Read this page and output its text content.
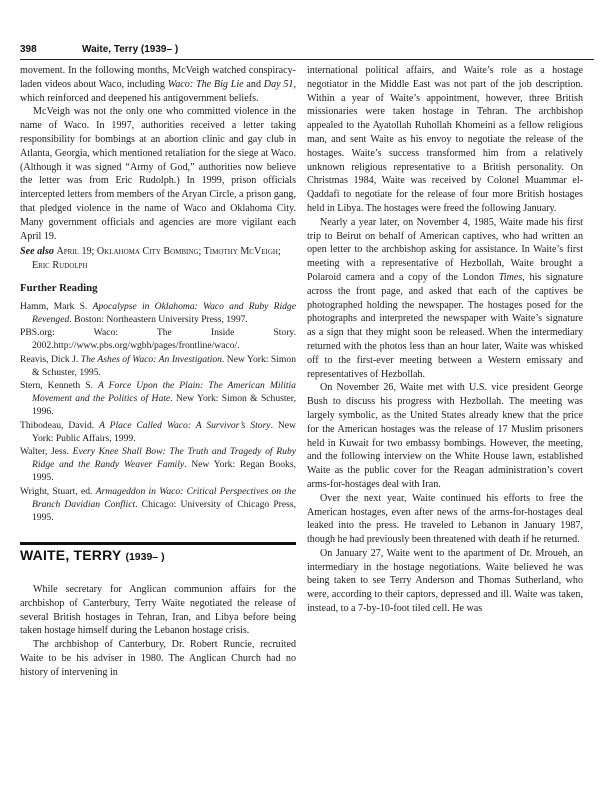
398	Waite, Terry (1939– )

movement. In the following months, McVeigh watched conspiracy-laden videos about Waco, including Waco: The Big Lie and Day 51, which reinforced and deepened his antigovernment beliefs.

McVeigh was not the only one who committed violence in the name of Waco. In 1997, authorities received a letter taking responsibility for bombings at an abortion clinic and gay club in Atlanta, Georgia, which mentioned retaliation for the siege at Waco. (Although it was signed “Army of God,” authorities now believe the letter was from Eric Rudolph.) In 1999, prison officials intercepted letters from members of the Aryan Circle, a prison gang, that pledged violence in the name of Waco and Oklahoma City. Many government officials and agencies are more vigilant each April 19.

See also April 19; Oklahoma City Bombing; Timothy McVeigh; Eric Rudolph

Further Reading

Hamm, Mark S. Apocalypse in Oklahoma: Waco and Ruby Ridge Revenged. Boston: Northeastern University Press, 1997.

PBS.org: Waco: The Inside Story. 2002.http://www.pbs.org/wgbh/pages/frontline/waco/.

Reavis, Dick J. The Ashes of Waco: An Investigation. New York: Simon & Schuster, 1995.

Stern, Kenneth S. A Force Upon the Plain: The American Militia Movement and the Politics of Hate. New York: Simon & Schuster, 1996.

Thibodeau, David. A Place Called Waco: A Survivor’s Story. New York: Public Affairs, 1999.

Walter, Jess. Every Knee Shall Bow: The Truth and Tragedy of Ruby Ridge and the Randy Weaver Family. New York: Regan Books, 1995.

Wright, Stuart, ed. Armageddon in Waco: Critical Perspectives on the Branch Davidian Conflict. Chicago: University of Chicago Press, 1995.

WAITE, TERRY (1939– )

While secretary for Anglican communion affairs for the archbishop of Canterbury, Terry Waite negotiated the release of several British hostages in Tehran, Iran, and Libya before being taken hostage himself during the Lebanon hostage crisis.

The archbishop of Canterbury, Dr. Robert Runcie, recruited Waite to be his adviser in 1980. The Anglican Church had no history of intervening in

international political affairs, and Waite’s role as a hostage negotiator in the Middle East was not part of the job description. Within a year of Waite’s appointment, however, three British missionaries were taken hostage in Tehran. The archbishop appealed to the Ayatollah Ruhollah Khomeini as a fellow religious man, and sent Waite as his envoy to negotiate the release of the hostages. Waite’s success transformed him from a relatively unknown religious representative to a British personality. On Christmas 1984, Waite was received by Colonel Muammar el-Qaddafi to negotiate for the release of four more British hostages held in Libya. The hostages were freed the following January.

Nearly a year later, on November 4, 1985, Waite made his first trip to Beirut on behalf of American captives, who had written an open letter to the archbishop asking for assistance. In Waite’s first meeting with a representative of Hezbollah, Waite brought a Polaroid camera and a copy of the London Times, his signature across the front page, and asked that each of the captives be photographed holding the newspaper. The hostages posed for the photographs and interpreted the newspaper with Waite’s signature as a sign that they might soon be released. When the intermediary returned with the photos less than an hour later, Waite was whisked off to the first-ever meeting between a Western emissary and representatives of Hezbollah.

On November 26, Waite met with U.S. vice president George Bush to discuss his progress with Hezbollah. The meeting was largely symbolic, as the United States already knew that the price for the American hostages was the release of 17 Muslim prisoners held in Kuwait for two embassy bombings. However, the meeting, and the following interview on the White House lawn, established Waite as the public cover for the Reagan administration’s covert arms-for-hostages deal with Iran.

Over the next year, Waite continued his efforts to free the American hostages, even after news of the arms-for-hostages deal leaked into the press. He traveled to Lebanon in January 1987, though he had previously been threatened with death if he returned.

On January 27, Waite went to the apartment of Dr. Mroueh, an intermediary in the hostage negotiations. Waite believed he was being taken to see Terry Anderson and Thomas Sutherland, who were, according to their captors, depressed and ill. Waite was taken, instead, to a 7-by-10-foot tiled cell. He was
